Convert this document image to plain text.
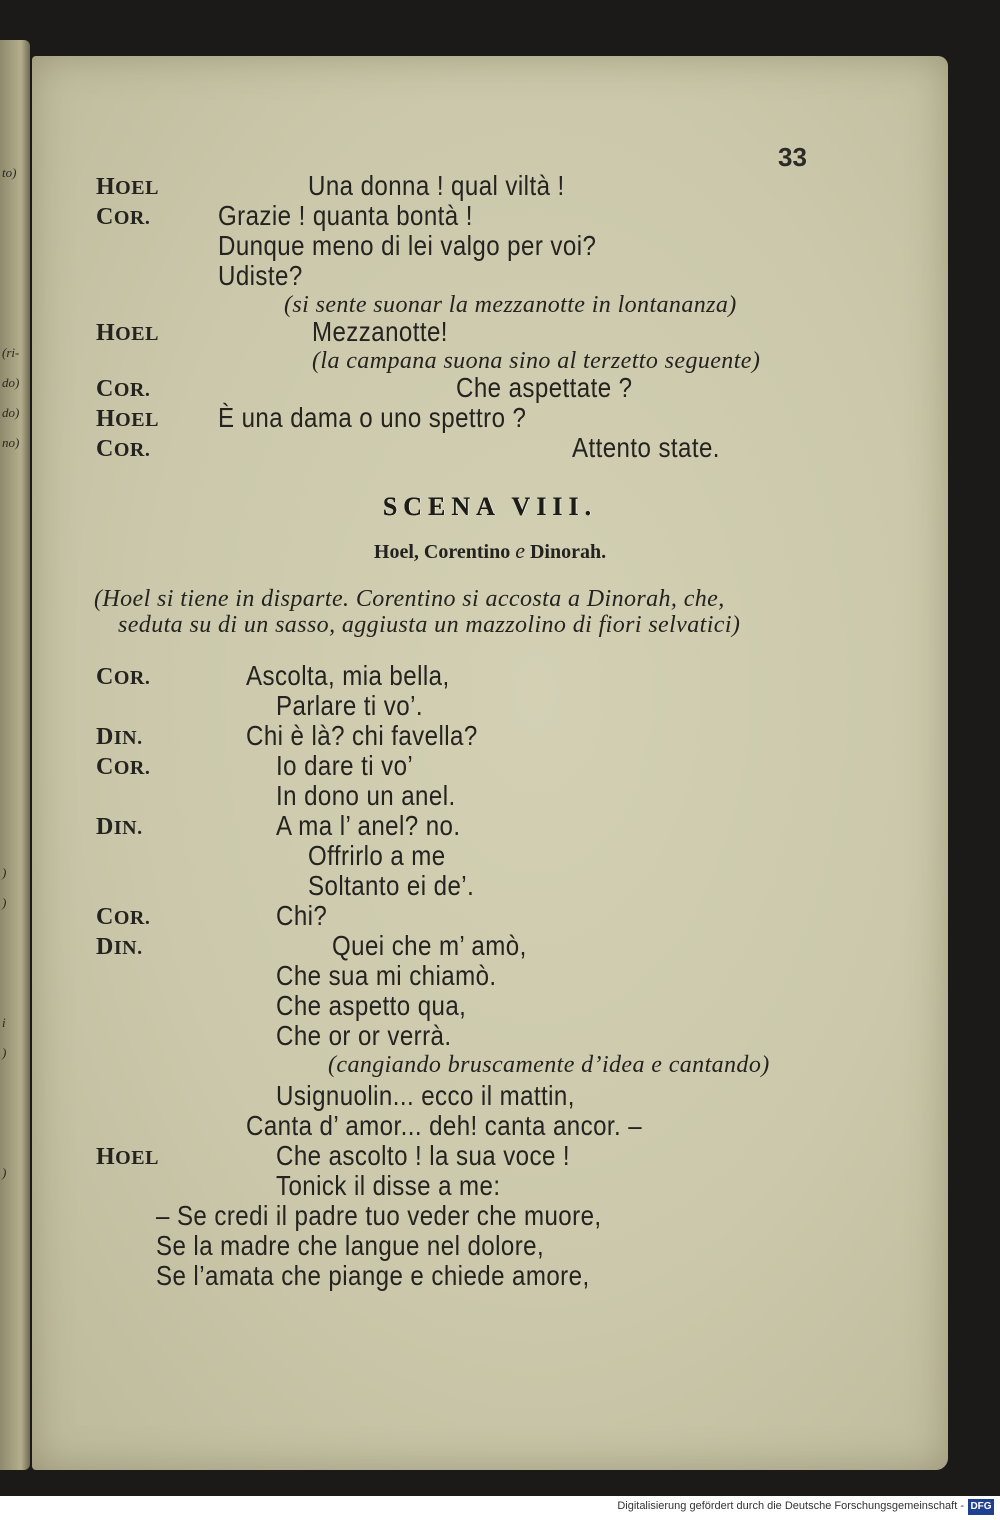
to)
(ri-
do)
do)
no)
)
)
i
)
)
33
HOEL	Una donna ! qual viltà !
COR. Grazie ! quanta bontà !
Dunque meno di lei valgo per voi?
Udiste?
(si sente suonar la mezzanotte in lontananza)
HOEL	Mezzanotte!
(la campana suona sino al terzetto seguente)
COR.	Che aspettate ?
HOEL È una dama o uno spettro ?
COR.	Attento state.
SCENA VIII.
Hoel, Corentino e Dinorah.
(Hoel si tiene in disparte. Corentino si accosta a Dinorah, che,
seduta su di un sasso, aggiusta un mazzolino di fiori selvatici)
COR.	Ascolta, mia bella,
Parlare ti vo’.
DIN.	Chi è là? chi favella?
COR.	Io dare ti vo’
In dono un anel.
DIN.	A ma l’ anel? no.
Offrirlo a me
Soltanto ei de’.
COR.	Chi?
DIN.	Quei che m’ amò,
Che sua mi chiamò.
Che aspetto qua,
Che or or verrà.
(cangiando bruscamente d’idea e cantando)
Usignuolin... ecco il mattin,
Canta d’ amor... deh! canta ancor. –
HOEL	Che ascolto ! la sua voce !
Tonick il disse a me:
– Se credi il padre tuo veder che muore,
Se la madre che langue nel dolore,
Se l’amata che piange e chiede amore,
Digitalisierung gefördert durch die Deutsche Forschungsgemeinschaft - DFG
